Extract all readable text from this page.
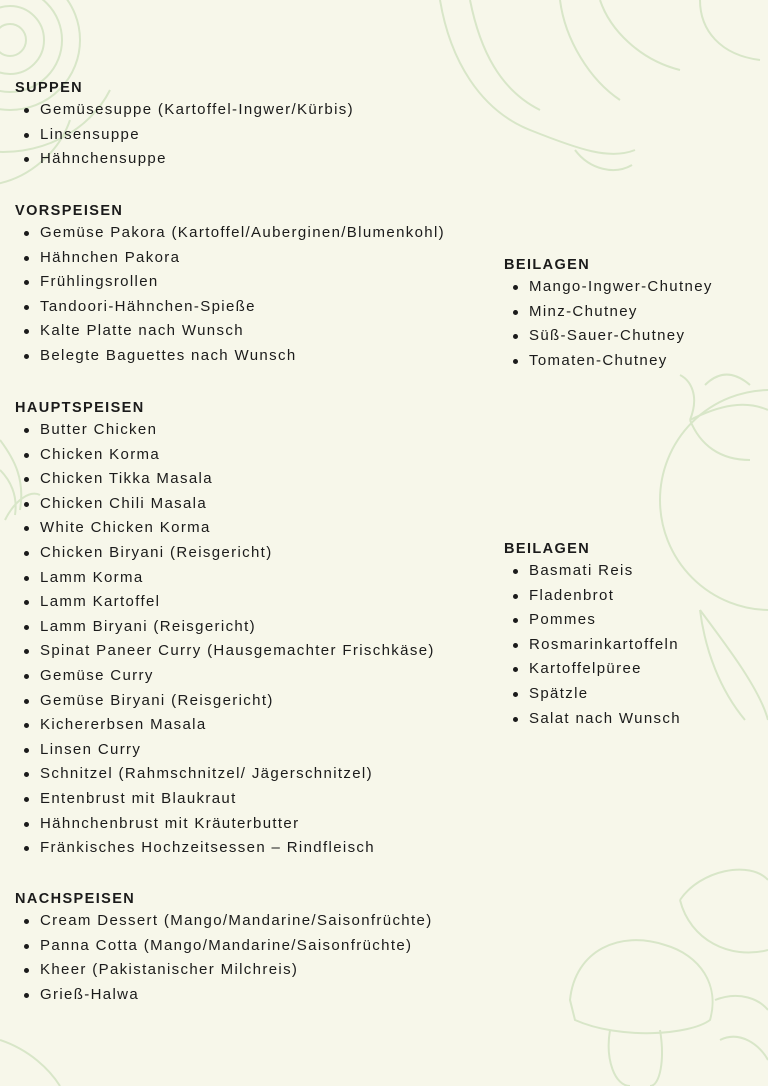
SUPPEN
Gemüsesuppe (Kartoffel-Ingwer/Kürbis)
Linsensuppe
Hähnchensuppe
VORSPEISEN
Gemüse Pakora (Kartoffel/Auberginen/Blumenkohl)
Hähnchen Pakora
Frühlingsrollen
Tandoori-Hähnchen-Spieße
Kalte Platte nach Wunsch
Belegte Baguettes nach Wunsch
BEILAGEN
Mango-Ingwer-Chutney
Minz-Chutney
Süß-Sauer-Chutney
Tomaten-Chutney
HAUPTSPEISEN
Butter Chicken
Chicken Korma
Chicken Tikka Masala
Chicken Chili Masala
White Chicken Korma
Chicken Biryani (Reisgericht)
Lamm Korma
Lamm Kartoffel
Lamm Biryani (Reisgericht)
Spinat Paneer Curry (Hausgemachter Frischkäse)
Gemüse Curry
Gemüse Biryani (Reisgericht)
Kichererbsen Masala
Linsen Curry
Schnitzel (Rahmschnitzel/ Jägerschnitzel)
Entenbrust mit Blaukraut
Hähnchenbrust mit Kräuterbutter
Fränkisches Hochzeitsessen – Rindfleisch
BEILAGEN
Basmati Reis
Fladenbrot
Pommes
Rosmarinkartoffeln
Kartoffelpüree
Spätzle
Salat nach Wunsch
NACHSPEISEN
Cream Dessert (Mango/Mandarine/Saisonfrüchte)
Panna Cotta (Mango/Mandarine/Saisonfrüchte)
Kheer (Pakistanischer Milchreis)
Grieß-Halwa
